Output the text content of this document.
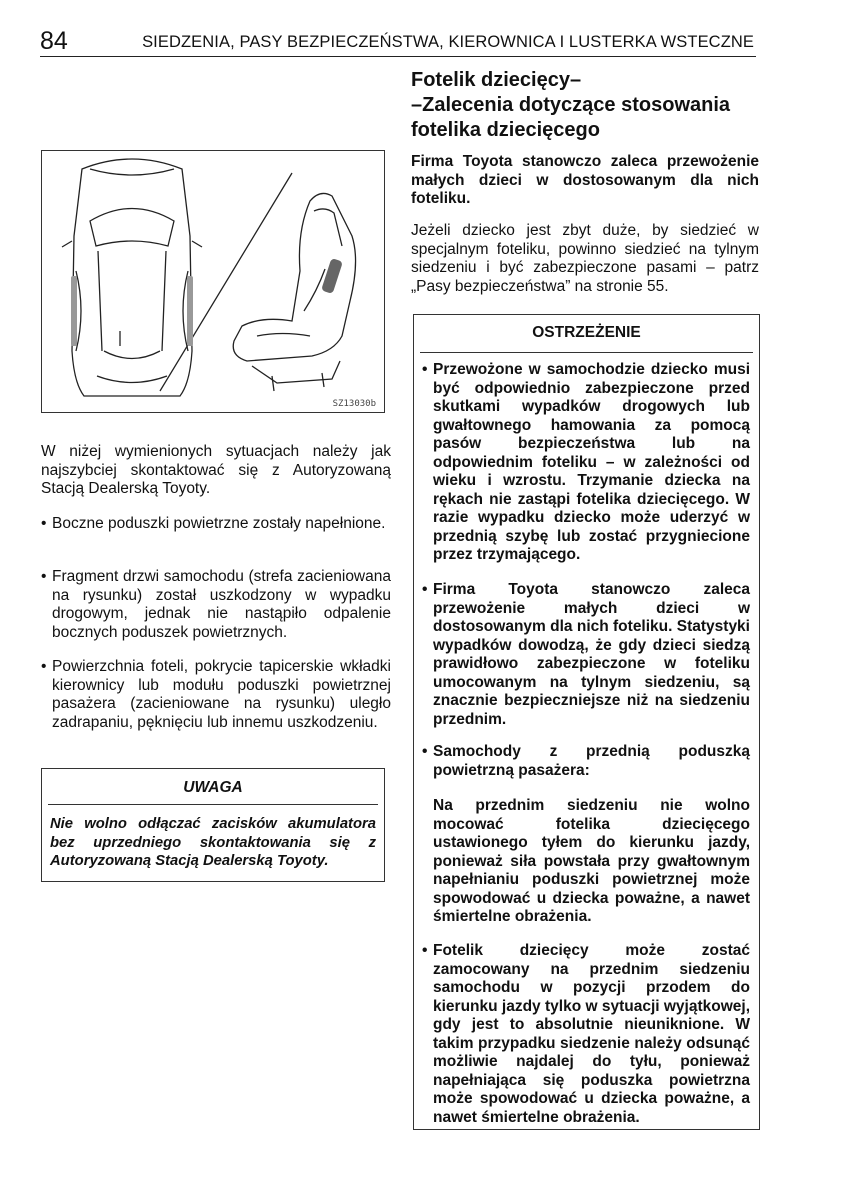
84	SIEDZENIA, PASY BEZPIECZEŃSTWA, KIEROWNICA I LUSTERKA WSTECZNE
SZ13030b

W niżej wymienionych sytuacjach należy jak najszybciej skontaktować się z Autoryzowaną Stacją Dealerską Toyoty.

• Boczne poduszki powietrzne zostały napełnione.
• Fragment drzwi samochodu (strefa zacieniowana na rysunku) został uszkodzony w wypadku drogowym, jednak nie nastąpiło odpalenie bocznych poduszek powietrznych.
• Powierzchnia foteli, pokrycie tapicerskie wkładki kierownicy lub modułu poduszki powietrznej pasażera (zacieniowane na rysunku) uległo zadrapaniu, pęknięciu lub innemu uszkodzeniu.
UWAGA
Nie wolno odłączać zacisków akumulatora bez uprzedniego skontaktowania się z Autoryzowaną Stacją Dealerską Toyoty.
Fotelik dziecięcy–
–Zalecenia dotyczące stosowania
fotelika dziecięcego

Firma Toyota stanowczo zaleca przewożenie małych dzieci w dostosowanym dla nich foteliku.

Jeżeli dziecko jest zbyt duże, by siedzieć w specjalnym foteliku, powinno siedzieć na tylnym siedzeniu i być zabezpieczone pasami – patrz „Pasy bezpieczeństwa” na stronie 55.

OSTRZEŻENIE
• Przewożone w samochodzie dziecko musi być odpowiednio zabezpieczone przed skutkami wypadków drogowych lub gwałtownego hamowania za pomocą pasów bezpieczeństwa lub na odpowiednim foteliku – w zależności od wieku i wzrostu. Trzymanie dziecka na rękach nie zastąpi fotelika dziecięcego. W razie wypadku dziecko może uderzyć w przednią szybę lub zostać przygniecione przez trzymającego.
• Firma Toyota stanowczo zaleca przewożenie małych dzieci w dostosowanym dla nich foteliku. Statystyki wypadków dowodzą, że gdy dzieci siedzą prawidłowo zabezpieczone w foteliku umocowanym na tylnym siedzeniu, są znacznie bezpieczniejsze niż na siedzeniu przednim.
• Samochody z przednią poduszką powietrzną pasażera:
Na przednim siedzeniu nie wolno mocować fotelika dziecięcego ustawionego tyłem do kierunku jazdy, ponieważ siła powstała przy gwałtownym napełnianiu poduszki powietrznej może spowodować u dziecka poważne, a nawet śmiertelne obrażenia.
• Fotelik dziecięcy może zostać zamocowany na przednim siedzeniu samochodu w pozycji przodem do kierunku jazdy tylko w sytuacji wyjątkowej, gdy jest to absolutnie nieuniknione. W takim przypadku siedzenie należy odsunąć możliwie najdalej do tyłu, ponieważ napełniająca się poduszka powietrzna może spowodować u dziecka poważne, a nawet śmiertelne obrażenia.
